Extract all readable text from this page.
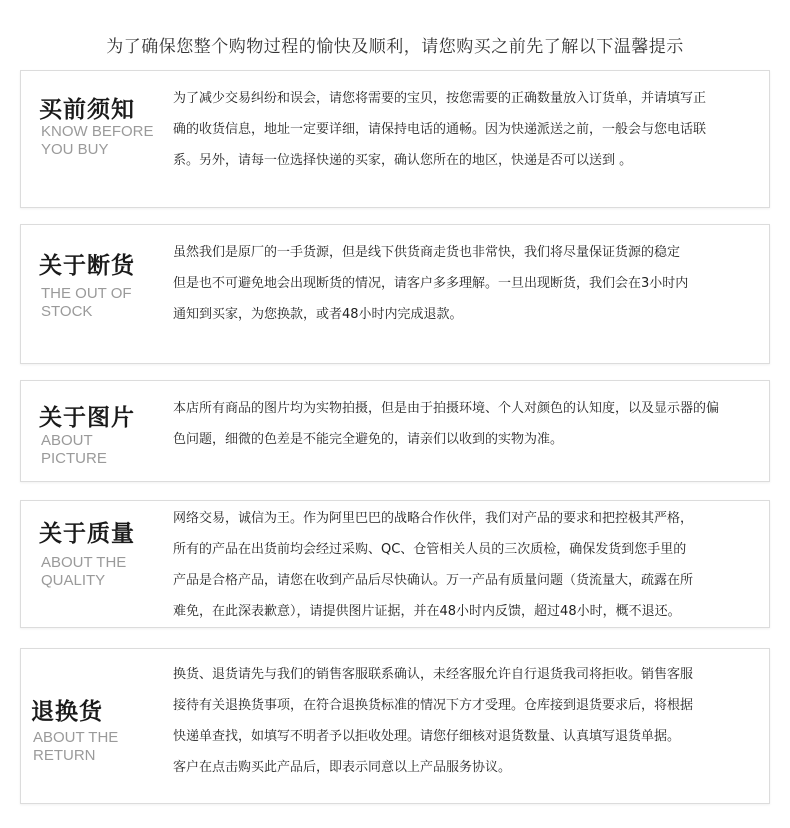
为了确保您整个购物过程的愉快及顺利，请您购买之前先了解以下温馨提示
买前须知
KNOW BEFORE
YOU BUY

为了减少交易纠纷和误会，请您将需要的宝贝，按您需要的正确数量放入订货单，并请填写正

确的收货信息，地址一定要详细，请保持电话的通畅。因为快递派送之前，一般会与您电话联

系。另外，请每一位选择快递的买家，确认您所在的地区，快递是否可以送到 。

关于断货
THE OUT OF
STOCK

虽然我们是原厂的一手货源，但是线下供货商走货也非常快，我们将尽量保证货源的稳定

但是也不可避免地会出现断货的情况，请客户多多理解。一旦出现断货，我们会在3小时内

通知到买家，为您换款，或者48小时内完成退款。

关于图片
ABOUT
PICTURE

本店所有商品的图片均为实物拍摄，但是由于拍摄环境、个人对颜色的认知度，以及显示器的偏

色问题，细微的色差是不能完全避免的，请亲们以收到的实物为准。

关于质量
ABOUT THE
QUALITY

网络交易，诚信为王。作为阿里巴巴的战略合作伙伴，我们对产品的要求和把控极其严格，

所有的产品在出货前均会经过采购、QC、仓管相关人员的三次质检，确保发货到您手里的

产品是合格产品，请您在收到产品后尽快确认。万一产品有质量问题（货流量大，疏露在所

难免，在此深表歉意），请提供图片证据，并在48小时内反馈，超过48小时，概不退还。

退换货
ABOUT THE
RETURN

换货、退货请先与我们的销售客服联系确认，未经客服允许自行退货我司将拒收。销售客服

接待有关退换货事项，在符合退换货标准的情况下方才受理。仓库接到退货要求后，将根据

快递单查找，如填写不明者予以拒收处理。请您仔细核对退货数量、认真填写退货单据。

客户在点击购买此产品后，即表示同意以上产品服务协议。
